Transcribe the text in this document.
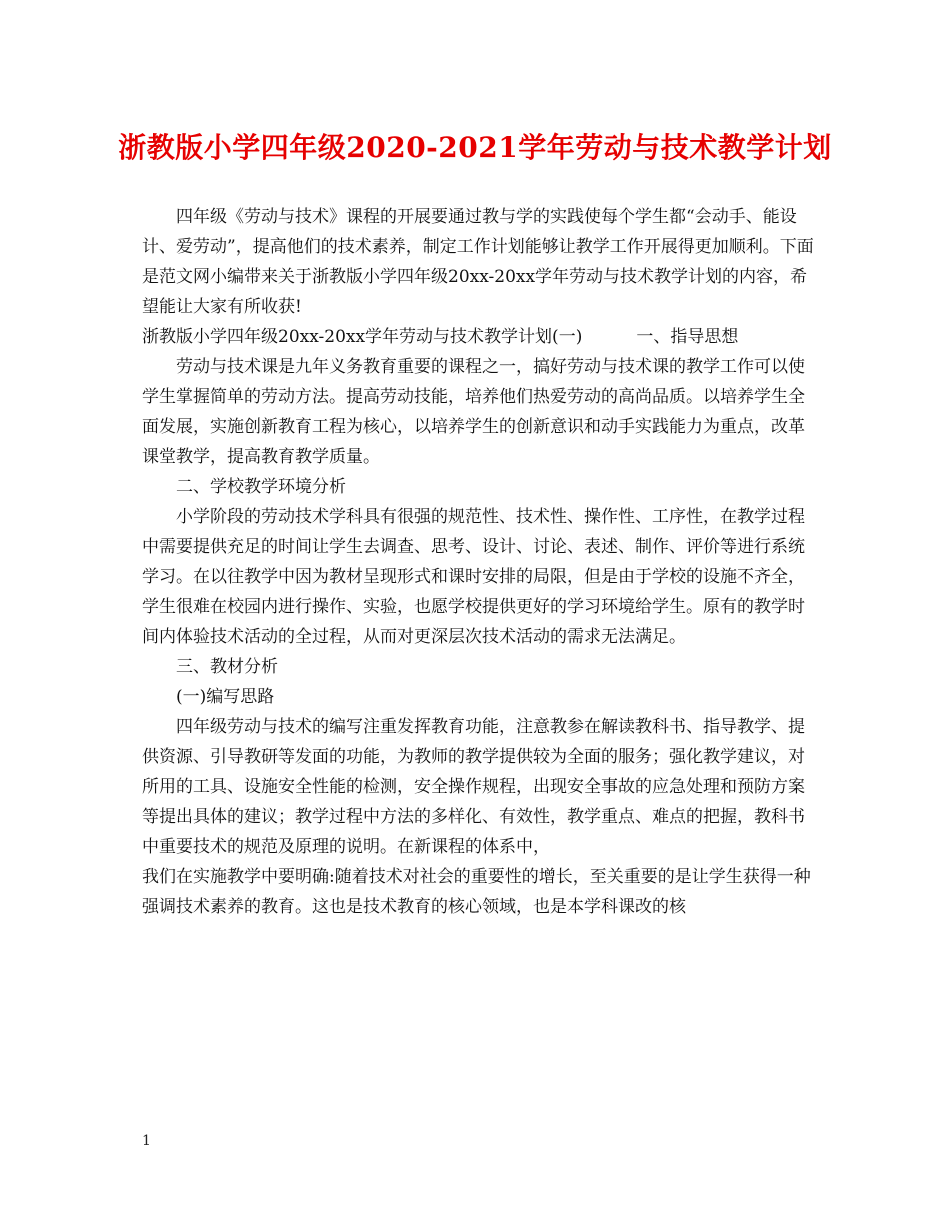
浙教版小学四年级2020-2021学年劳动与技术教学计划

四年级《劳动与技术》课程的开展要通过教与学的实践使每个学生都“会动手、能设计、爱劳动”，提高他们的技术素养，制定工作计划能够让教学工作开展得更加顺利。下面是范文网小编带来关于浙教版小学四年级20xx-20xx学年劳动与技术教学计划的内容，希望能让大家有所收获!

浙教版小学四年级20xx-20xx学年劳动与技术教学计划(一)	一、指导思想

劳动与技术课是九年义务教育重要的课程之一，搞好劳动与技术课的教学工作可以使学生掌握简单的劳动方法。提高劳动技能，培养他们热爱劳动的高尚品质。以培养学生全面发展，实施创新教育工程为核心，以培养学生的创新意识和动手实践能力为重点，改革课堂教学，提高教育教学质量。

二、学校教学环境分析

小学阶段的劳动技术学科具有很强的规范性、技术性、操作性、工序性，在教学过程中需要提供充足的时间让学生去调查、思考、设计、讨论、表述、制作、评价等进行系统学习。在以往教学中因为教材呈现形式和课时安排的局限，但是由于学校的设施不齐全，学生很难在校园内进行操作、实验，也愿学校提供更好的学习环境给学生。原有的教学时间内体验技术活动的全过程，从而对更深层次技术活动的需求无法满足。

三、教材分析

(一)编写思路

四年级劳动与技术的编写注重发挥教育功能，注意教参在解读教科书、指导教学、提供资源、引导教研等发面的功能，为教师的教学提供较为全面的服务；强化教学建议，对所用的工具、设施安全性能的检测，安全操作规程，出现安全事故的应急处理和预防方案等提出具体的建议；教学过程中方法的多样化、有效性，教学重点、难点的把握，教科书中重要技术的规范及原理的说明。在新课程的体系中，

我们在实施教学中要明确:随着技术对社会的重要性的增长，至关重要的是让学生获得一种强调技术素养的教育。这也是技术教育的核心领域，也是本学科课改的核

1
